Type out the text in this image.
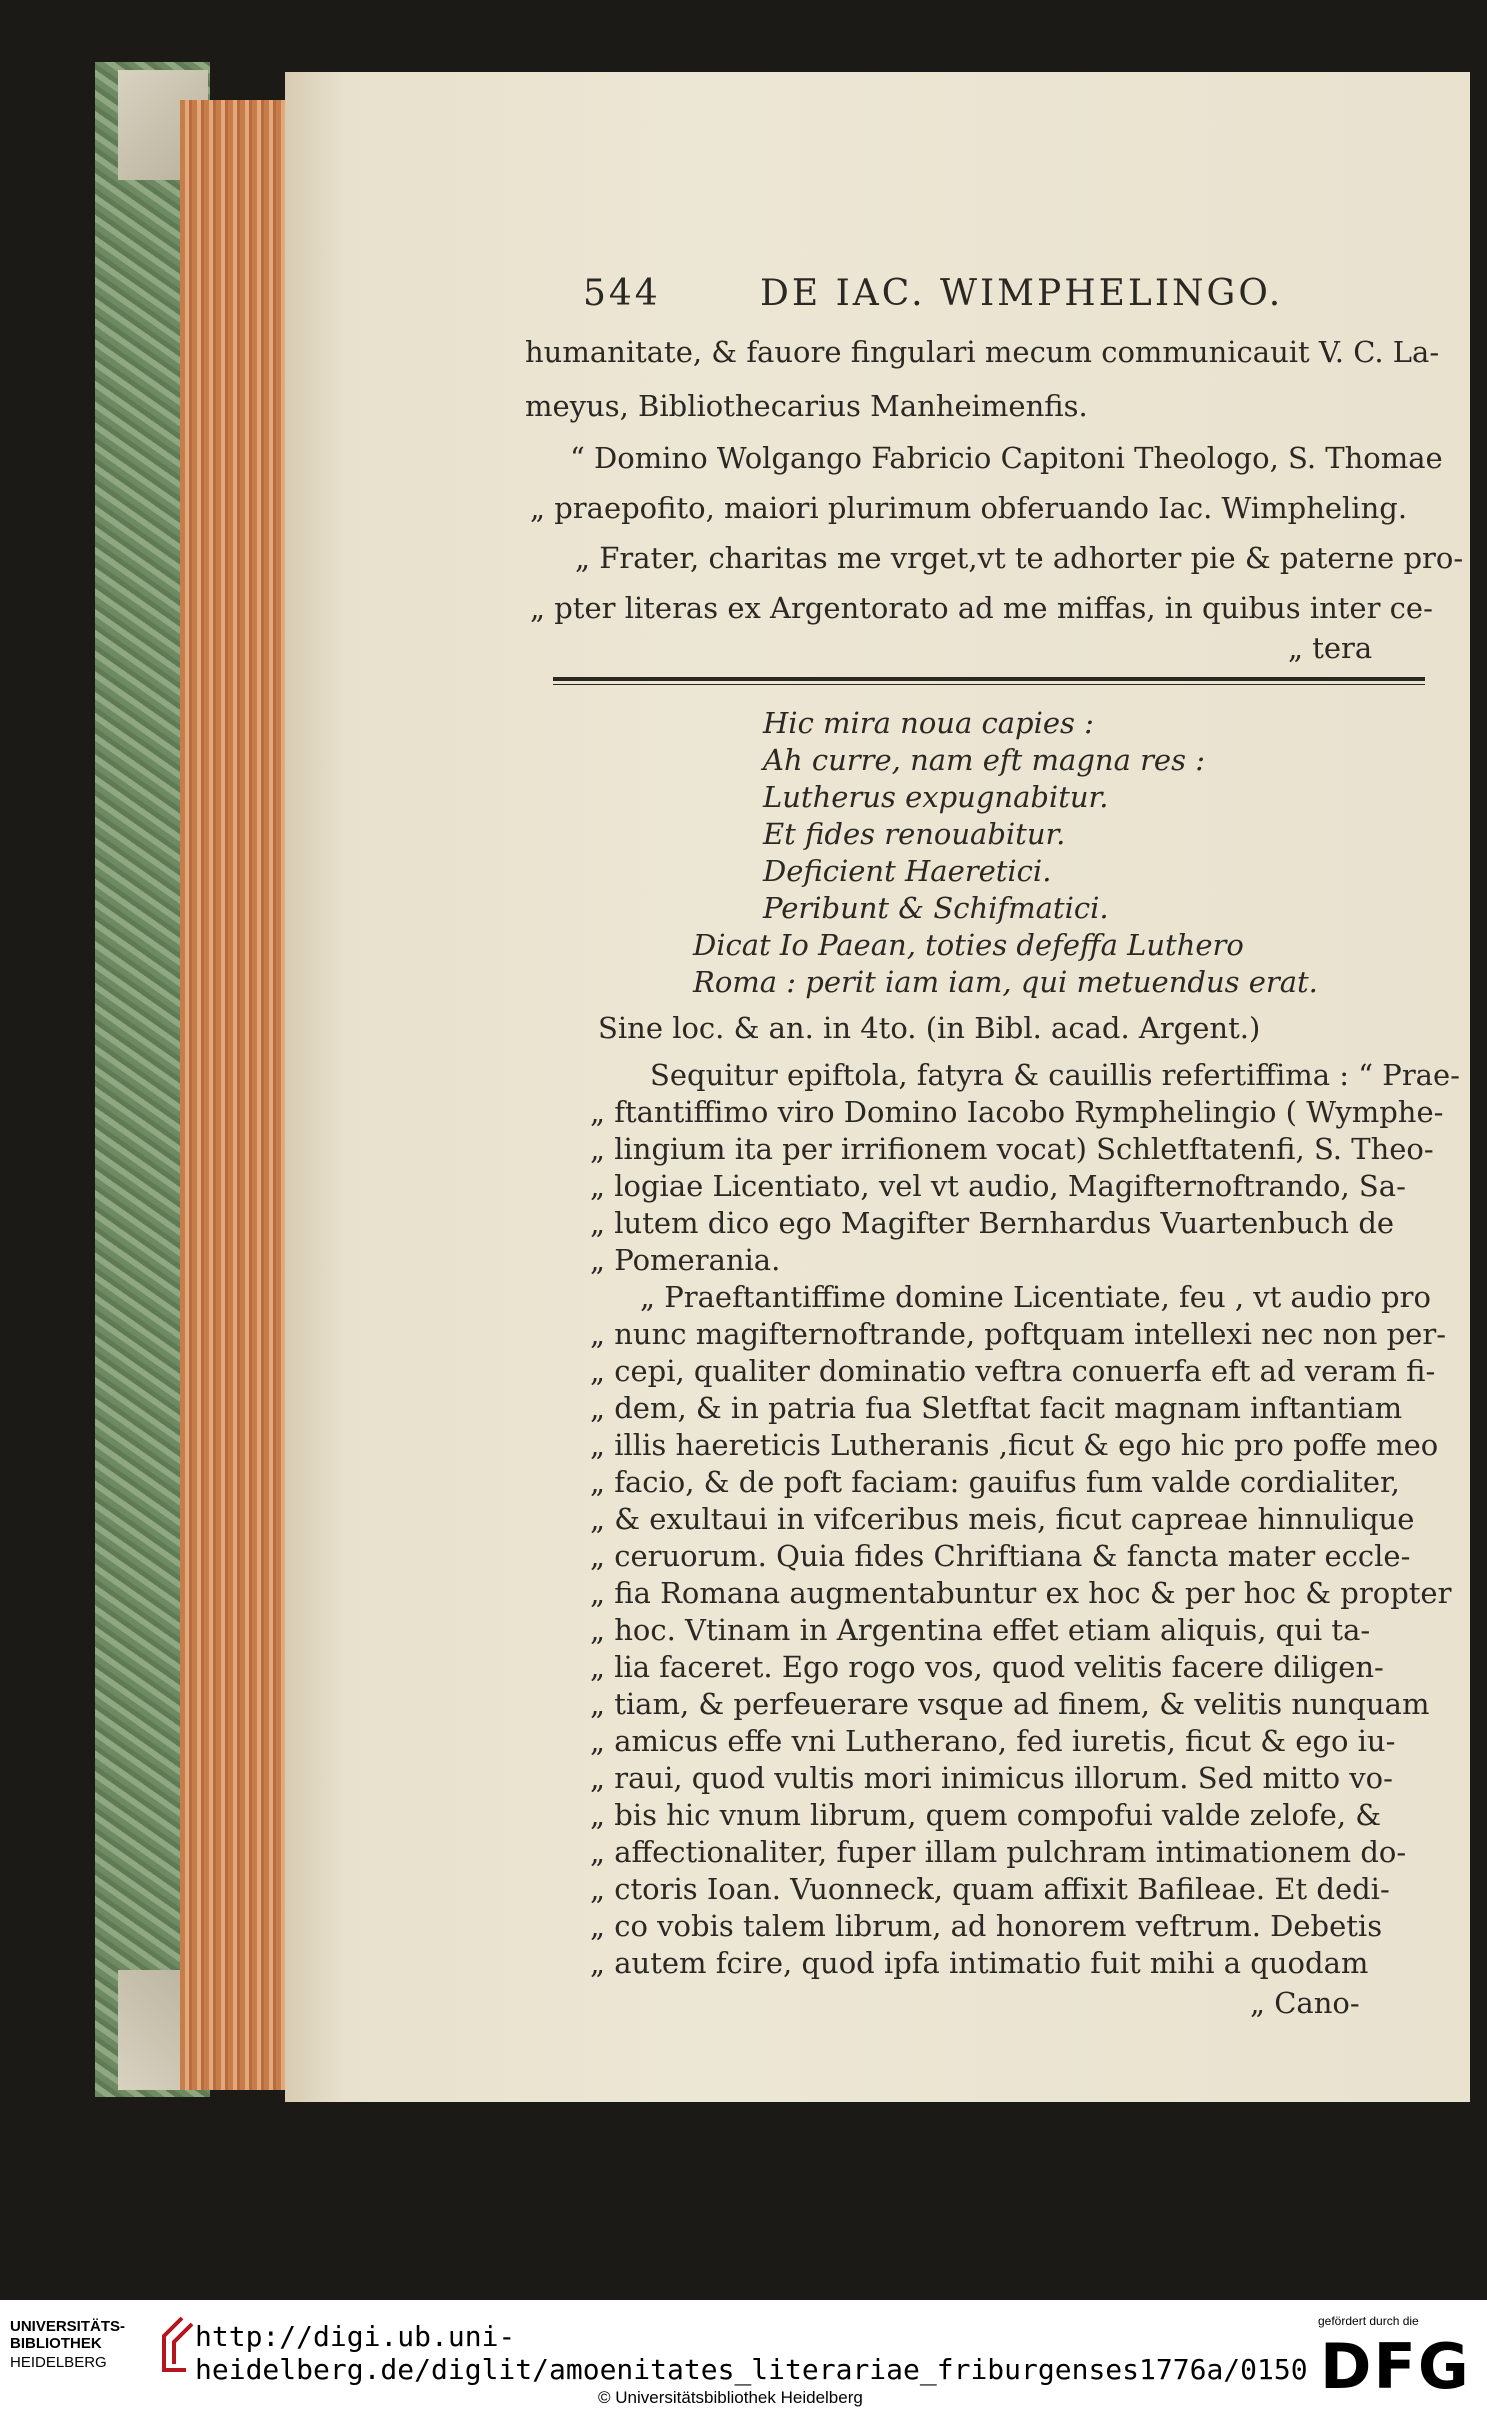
544	DE IAC. WIMPHELINGO.
humanitate, & fauore fingulari mecum communicauit V. C. La-
meyus, Bibliothecarius Manheimenfis.
“ Domino Wolgango Fabricio Capitoni Theologo, S. Thomae
„ praepofito, maiori plurimum obferuando Iac. Wimpheling.
„ Frater, charitas me vrget,vt te adhorter pie & paterne pro-
„ pter literas ex Argentorato ad me miffas, in quibus inter ce-
„ tera
Hic mira noua capies :
Ah curre, nam eft magna res :
Lutherus expugnabitur.
Et fides renouabitur.
Deficient Haeretici.
Peribunt & Schifmatici.
Dicat Io Paean, toties defeffa Luthero
Roma : perit iam iam, qui metuendus erat.
Sine loc. & an. in 4to. (in Bibl. acad. Argent.)
Sequitur epiftola, fatyra & cauillis refertiffima : “ Prae-
„ ftantiffimo viro Domino Iacobo Rymphelingio ( Wymphe-
„ lingium ita per irrifionem vocat) Schletftatenfi, S. Theo-
„ logiae Licentiato, vel vt audio, Magifternoftrando, Sa-
„ lutem dico ego Magifter Bernhardus Vuartenbuch de
„ Pomerania.
„ Praeftantiffime domine Licentiate, feu , vt audio pro
„ nunc magifternoftrande, poftquam intellexi nec non per-
„ cepi, qualiter dominatio veftra conuerfa eft ad veram fi-
„ dem, & in patria fua Sletftat facit magnam inftantiam
„ illis haereticis Lutheranis ,ficut & ego hic pro poffe meo
„ facio, & de poft faciam: gauifus fum valde cordialiter,
„ & exultaui in vifceribus meis, ficut capreae hinnulique
„ ceruorum. Quia fides Chriftiana & fancta mater eccle-
„ fia Romana augmentabuntur ex hoc & per hoc & propter
„ hoc. Vtinam in Argentina effet etiam aliquis, qui ta-
„ lia faceret. Ego rogo vos, quod velitis facere diligen-
„ tiam, & perfeuerare vsque ad finem, & velitis nunquam
„ amicus effe vni Lutherano, fed iuretis, ficut & ego iu-
„ raui, quod vultis mori inimicus illorum. Sed mitto vo-
„ bis hic vnum librum, quem compofui valde zelofe, &
„ affectionaliter, fuper illam pulchram intimationem do-
„ ctoris Ioan. Vuonneck, quam affixit Bafileae. Et dedi-
„ co vobis talem librum, ad honorem veftrum. Debetis
„ autem fcire, quod ipfa intimatio fuit mihi a quodam
„ Cano-
UNIVERSITÄTS-
BIBLIOTHEK
HEIDELBERG
http://digi.ub.uni-heidelberg.de/diglit/amoenitates_literariae_friburgenses1776a/0150
© Universitätsbibliothek Heidelberg
gefördert durch die
DFG
